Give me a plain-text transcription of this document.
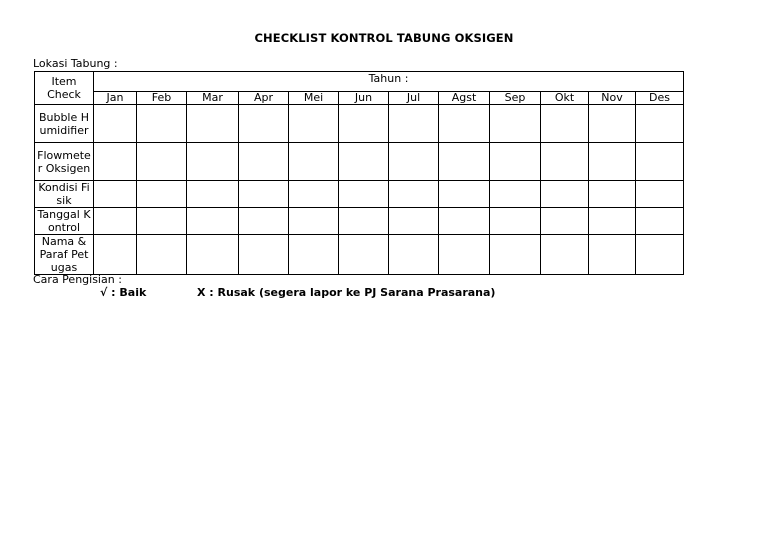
CHECKLIST KONTROL TABUNG OKSIGEN
Lokasi Tabung :
Item Check	Tahun :											
	Jan	Feb	Mar	Apr	Mei	Jun	Jul	Agst	Sep	Okt	Nov	Des
Bubble Humidifier												
Flowmeter Oksigen												
Kondisi Fisik												
Tanggal Kontrol												
Nama & Paraf Petugas												
Cara Pengisian :
√ : Baik	X : Rusak (segera lapor ke PJ Sarana Prasarana)
